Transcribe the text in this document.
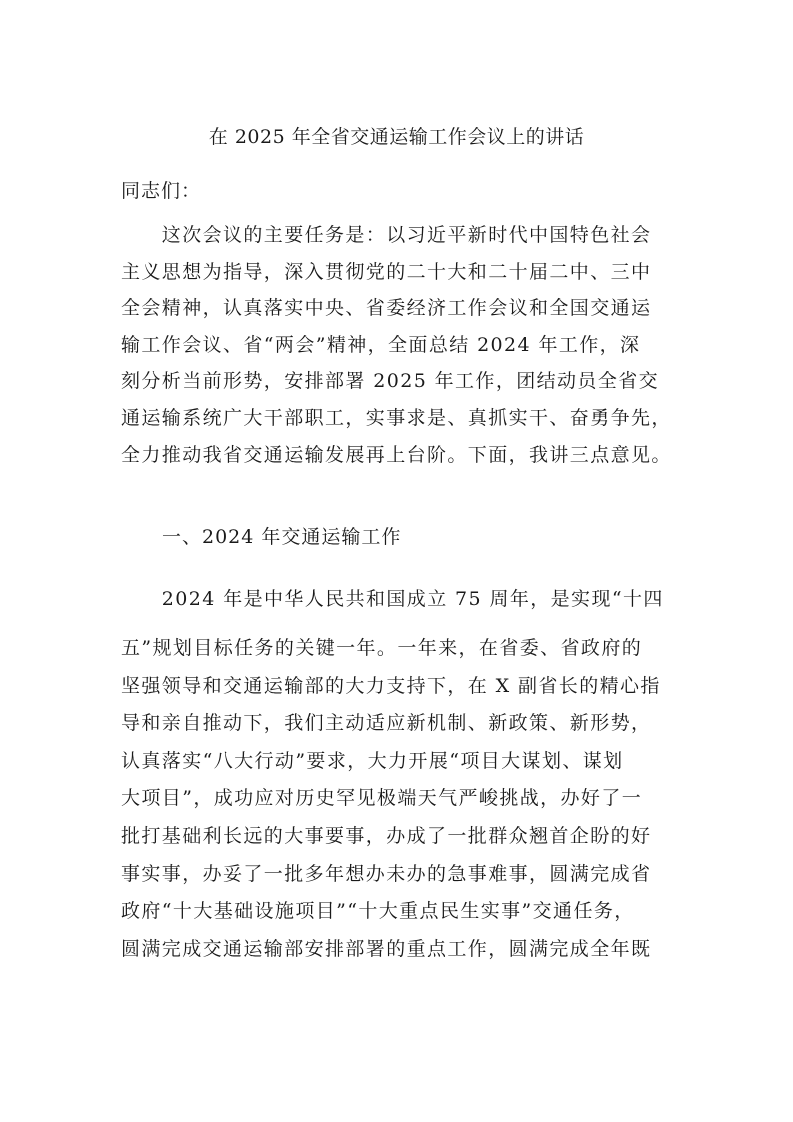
在 2025 年全省交通运输工作会议上的讲话
同志们：
　　这次会议的主要任务是：以习近平新时代中国特色社会
主义思想为指导，深入贯彻党的二十大和二十届二中、三中
全会精神，认真落实中央、省委经济工作会议和全国交通运
输工作会议、省“两会”精神，全面总结 2024 年工作，深
刻分析当前形势，安排部署 2025 年工作，团结动员全省交
通运输系统广大干部职工，实事求是、真抓实干、奋勇争先，
全力推动我省交通运输发展再上台阶。下面，我讲三点意见。
一、2024 年交通运输工作
　　2024 年是中华人民共和国成立 75 周年，是实现“十四
五”规划目标任务的关键一年。一年来，在省委、省政府的
坚强领导和交通运输部的大力支持下，在 X 副省长的精心指
导和亲自推动下，我们主动适应新机制、新政策、新形势，
认真落实“八大行动”要求，大力开展“项目大谋划、谋划
大项目”，成功应对历史罕见极端天气严峻挑战，办好了一
批打基础利长远的大事要事，办成了一批群众翘首企盼的好
事实事，办妥了一批多年想办未办的急事难事，圆满完成省
政府“十大基础设施项目”“十大重点民生实事”交通任务，
圆满完成交通运输部安排部署的重点工作，圆满完成全年既
